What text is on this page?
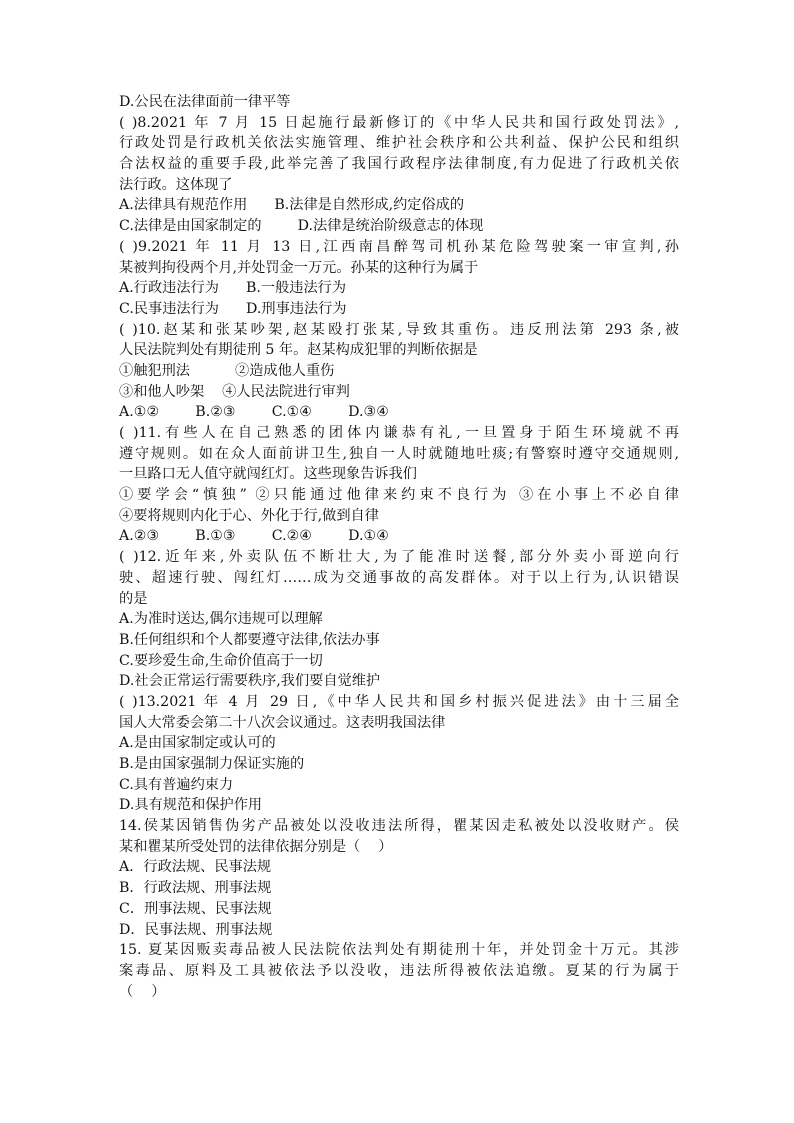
D.公民在法律面前一律平等
( )8.2021 年 7 月 15 日起施行最新修订的《中华人民共和国行政处罚法》,
行政处罚是行政机关依法实施管理、维护社会秩序和公共利益、保护公民和组织
合法权益的重要手段,此举完善了我国行政程序法律制度,有力促进了行政机关依
法行政。这体现了
A.法律具有规范作用      B.法律是自然形成,约定俗成的
C.法律是由国家制定的        D.法律是统治阶级意志的体现
( )9.2021 年 11 月 13 日,江西南昌醉驾司机孙某危险驾驶案一审宣判,孙
某被判拘役两个月,并处罚金一万元。孙某的这种行为属于
A.行政违法行为      B.一般违法行为
C.民事违法行为      D.刑事违法行为
( )10.赵某和张某吵架,赵某殴打张某,导致其重伤。违反刑法第 293 条,被
人民法院判处有期徒刑 5 年。赵某构成犯罪的判断依据是
①触犯刑法          ②造成他人重伤
③和他人吵架    ④人民法院进行审判
A.①②        B.②③        C.①④        D.③④
( )11.有些人在自己熟悉的团体内谦恭有礼,一旦置身于陌生环境就不再
遵守规则。如在众人面前讲卫生,独自一人时就随地吐痰;有警察时遵守交通规则,
一旦路口无人值守就闯红灯。这些现象告诉我们
①要学会“慎独” ②只能通过他律来约束不良行为 ③在小事上不必自律
④要将规则内化于心、外化于行,做到自律
A.②③        B.①③        C.②④        D.①④
( )12.近年来,外卖队伍不断壮大,为了能准时送餐,部分外卖小哥逆向行
驶、超速行驶、闯红灯……成为交通事故的高发群体。对于以上行为,认识错误
的是
A.为准时送达,偶尔违规可以理解
B.任何组织和个人都要遵守法律,依法办事
C.要珍爱生命,生命价值高于一切
D.社会正常运行需要秩序,我们要自觉维护
( )13.2021 年 4 月 29 日,《中华人民共和国乡村振兴促进法》由十三届全
国人大常委会第二十八次会议通过。这表明我国法律
A.是由国家制定或认可的
B.是由国家强制力保证实施的
C.具有普遍约束力
D.具有规范和保护作用
14.侯某因销售伪劣产品被处以没收违法所得，瞿某因走私被处以没收财产。侯
某和瞿某所受处罚的法律依据分别是（    ）
A．行政法规、民事法规
B．行政法规、刑事法规
C．刑事法规、民事法规
D．民事法规、刑事法规
15. 夏某因贩卖毒品被人民法院依法判处有期徒刑十年，并处罚金十万元。其涉
案毒品、原料及工具被依法予以没收，违法所得被依法追缴。夏某的行为属于
（    ）
